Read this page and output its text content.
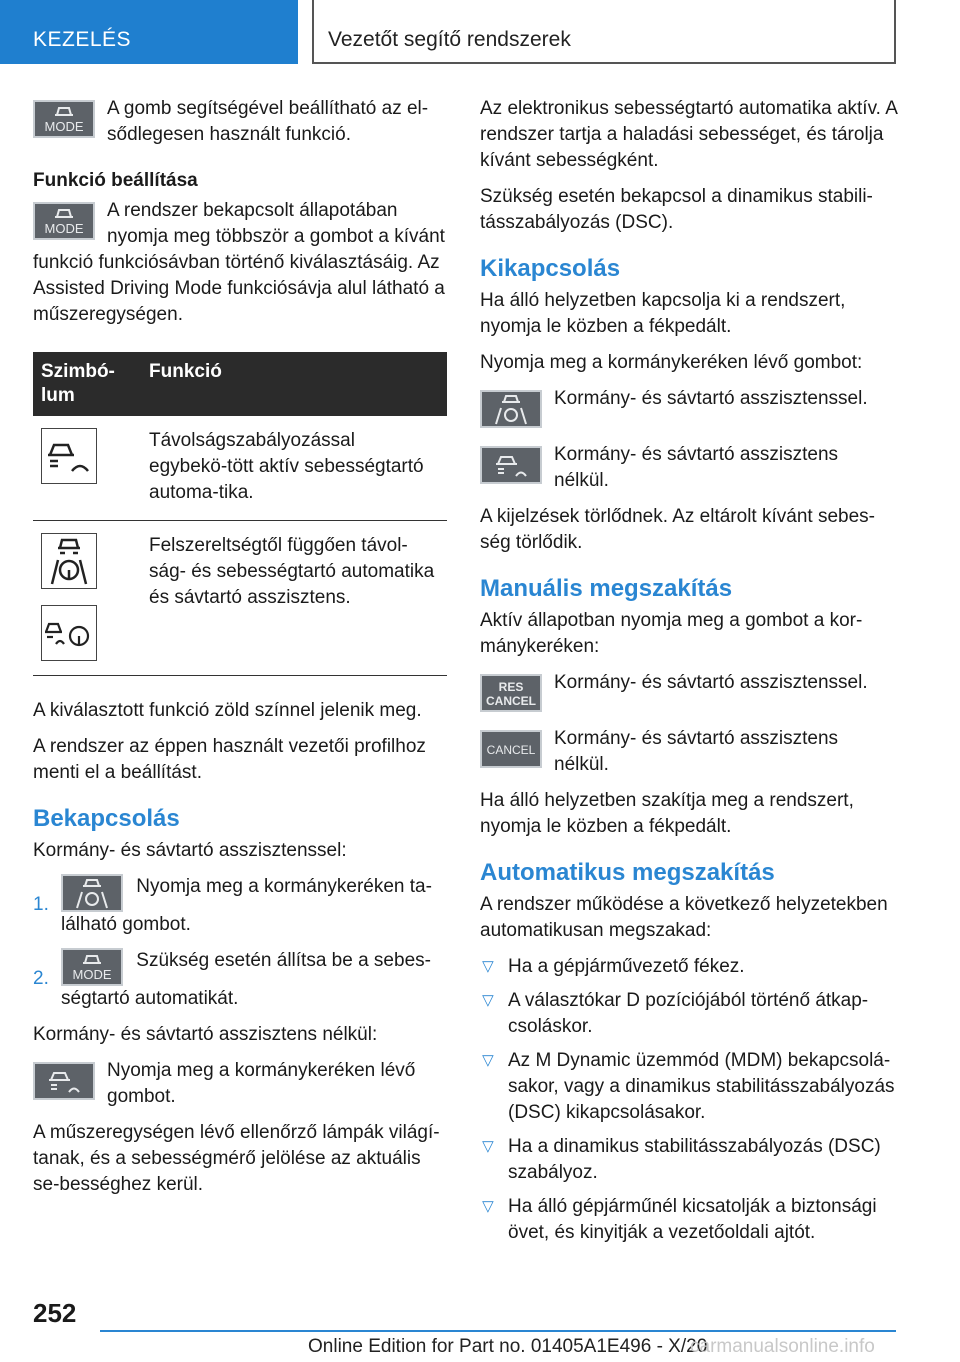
KEZELÉS	Vezetőt segítő rendszerek
MODE
A gomb segítségével beállítható az el-sődlegesen használt funkció.

Funkció beállítása

MODE
A rendszer bekapcsolt állapotában nyomja meg többször a gombot a kívánt funkció funkciósávban történő kiválasztásáig. Az Assisted Driving Mode funkciósávja alul látható a műszeregységen.
Szimbó-lum	Funkció

	Távolságszabályozással egybekö-tött aktív sebességtartó automa-tika.

	Felszereltségtől függően távol-ság- és sebességtartó automatika és sávtartó asszisztens.

A kiválasztott funkció zöld színnel jelenik meg.

A rendszer az éppen használt vezetői profilhoz menti el a beállítást.

Bekapcsolás

Kormány- és sávtartó asszisztenssel:

1.
Nyomja meg a kormánykeréken ta-lálható gombot.
2. MODE
Szükség esetén állítsa be a sebes-ségtartó automatikát.

Kormány- és sávtartó asszisztens nélkül:

Nyomja meg a kormánykeréken lévő gombot.

A műszeregységen lévő ellenőrző lámpák világí-tanak, és a sebességmérő jelölése az aktuális se-bességhez kerül.

Az elektronikus sebességtartó automatika aktív. A rendszer tartja a haladási sebességet, és tárolja kívánt sebességként.

Szükség esetén bekapcsol a dinamikus stabili-tásszabályozás (DSC).

Kikapcsolás

Ha álló helyzetben kapcsolja ki a rendszert, nyomja le közben a fékpedált.

Nyomja meg a kormánykeréken lévő gombot:

Kormány- és sávtartó asszisztenssel.
Kormány- és sávtartó asszisztens nélkül.

A kijelzések törlődnek. Az eltárolt kívánt sebes-ség törlődik.

Manuális megszakítás

Aktív állapotban nyomja meg a gombot a kor-mánykeréken:

RES
CANCEL
Kormány- és sávtartó asszisztenssel.
CANCEL
Kormány- és sávtartó asszisztens nélkül.

Ha álló helyzetben szakítja meg a rendszert, nyomja le közben a fékpedált.

Automatikus megszakítás

A rendszer működése a következő helyzetekben automatikusan megszakad:

▷ Ha a gépjárművezető fékez.
▷ A választókar D pozíciójából történő átkap-csoláskor.
▷ Az M Dynamic üzemmód (MDM) bekapcsolá-sakor, vagy a dinamikus stabilitásszabályozás (DSC) kikapcsolásakor.
▷ Ha a dinamikus stabilitásszabályozás (DSC) szabályoz.
▷ Ha álló gépjárműnél kicsatolják a biztonsági övet, és kinyitják a vezetőoldali ajtót.
252
Online Edition for Part no. 01405A1E496 - X/20
carmanualsonline.info
